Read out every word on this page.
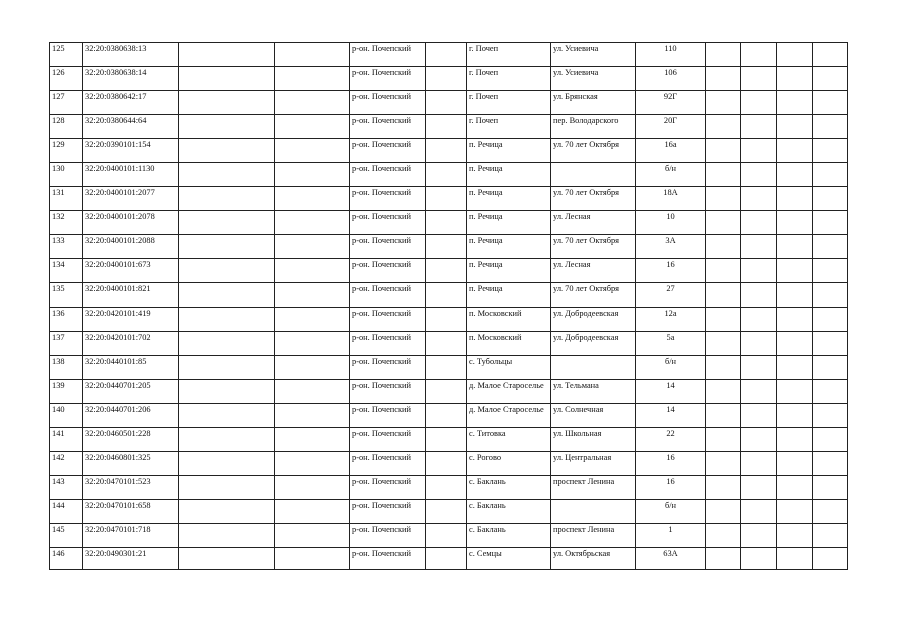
125	32:20:0380638:13			р-он. Почепский		г. Почеп	ул. Усиевича	110				
126	32:20:0380638:14			р-он. Почепский		г. Почеп	ул. Усиевича	106				
127	32:20:0380642:17			р-он. Почепский		г. Почеп	ул. Брянская	92Г				
128	32:20:0380644:64			р-он. Почепский		г. Почеп	пер. Володарского	20Г				
129	32:20:0390101:154			р-он. Почепский		п. Речица	ул. 70 лет Октября	16а				
130	32:20:0400101:1130			р-он. Почепский		п. Речица		б/н				
131	32:20:0400101:2077			р-он. Почепский		п. Речица	ул. 70 лет Октября	18А				
132	32:20:0400101:2078			р-он. Почепский		п. Речица	ул. Лесная	10				
133	32:20:0400101:2088			р-он. Почепский		п. Речица	ул. 70 лет Октября	3А				
134	32:20:0400101:673			р-он. Почепский		п. Речица	ул. Лесная	16				
135	32:20:0400101:821			р-он. Почепский		п. Речица	ул. 70 лет Октября	27				
136	32:20:0420101:419			р-он. Почепский		п. Московский	ул. Добродеевская	12а				
137	32:20:0420101:702			р-он. Почепский		п. Московский	ул. Добродеевская	5а				
138	32:20:0440101:85			р-он. Почепский		с. Тубольцы		б/н				
139	32:20:0440701:205			р-он. Почепский		д. Малое Староселье	ул. Тельмана	14				
140	32:20:0440701:206			р-он. Почепский		д. Малое Староселье	ул. Солнечная	14				
141	32:20:0460501:228			р-он. Почепский		с. Титовка	ул. Школьная	22				
142	32:20:0460801:325			р-он. Почепский		с. Рогово	ул. Центральная	16				
143	32:20:0470101:523			р-он. Почепский		с. Баклань	проспект Ленина	16				
144	32:20:0470101:658			р-он. Почепский		с. Баклань		б/н				
145	32:20:0470101:718			р-он. Почепский		с. Баклань	проспект Ленина	1				
146	32:20:0490301:21			р-он. Почепский		с. Семцы	ул. Октябрьская	63А				
